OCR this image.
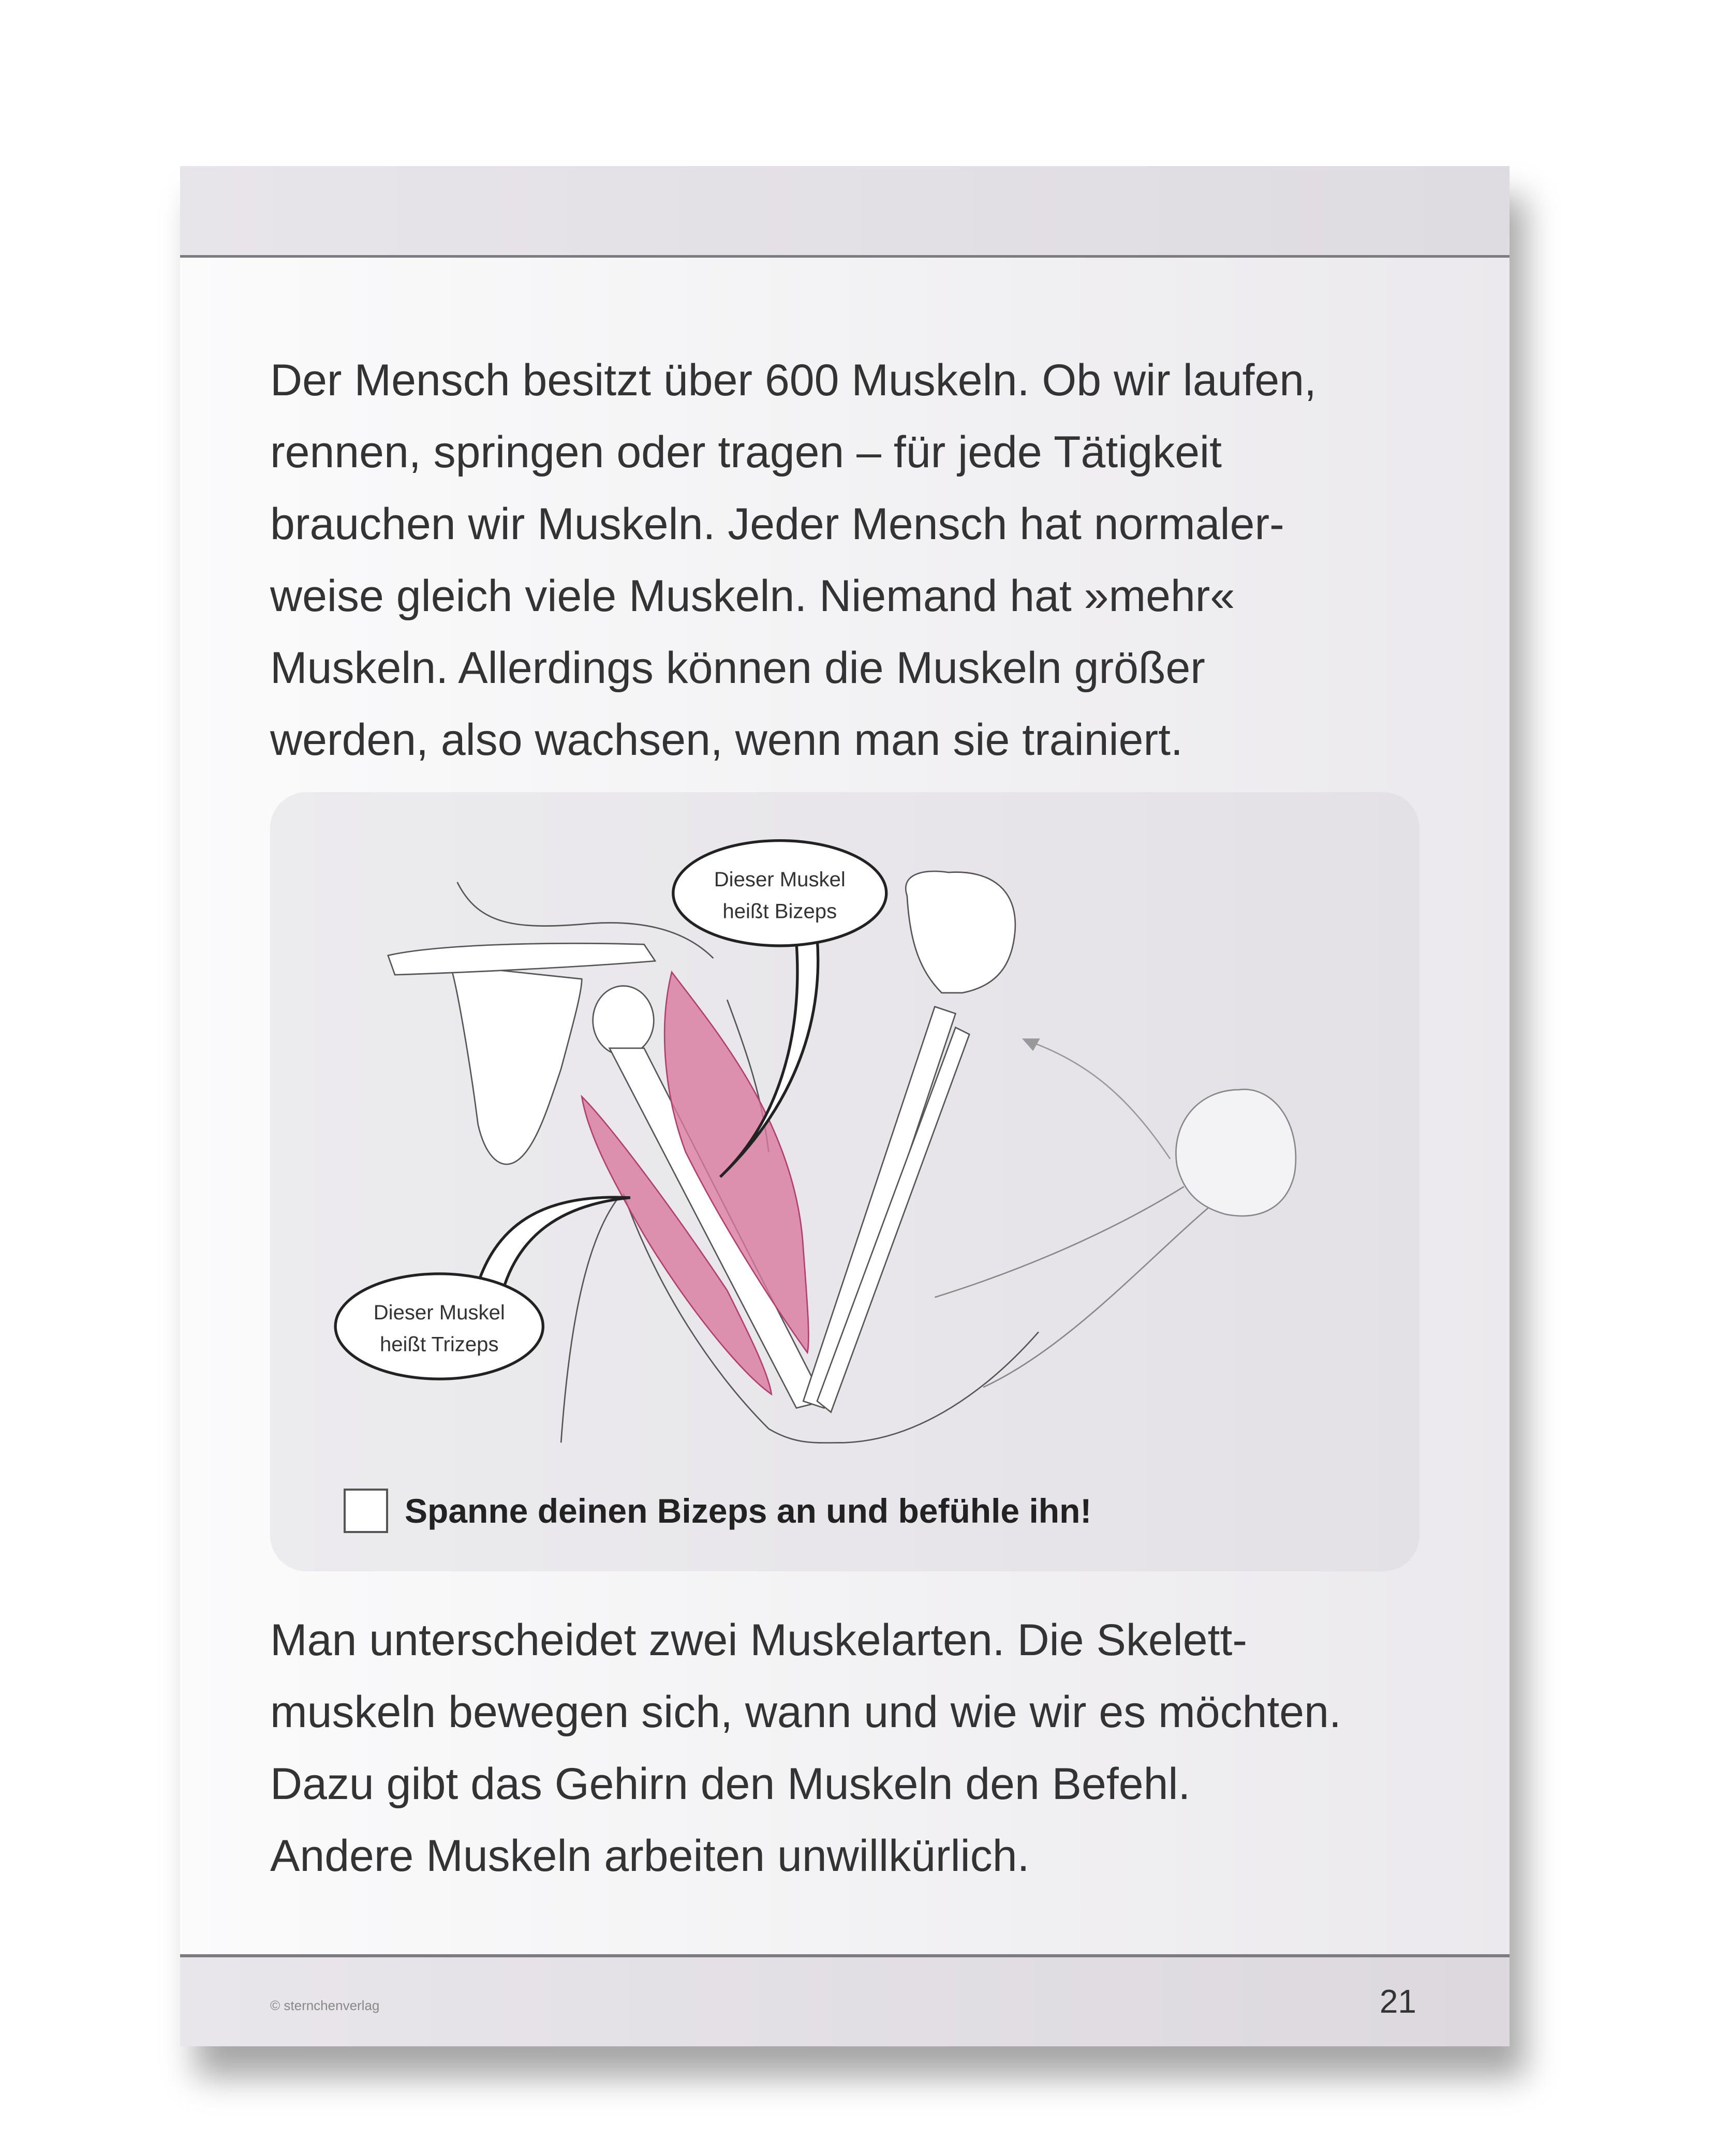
Der Mensch besitzt über 600 Muskeln. Ob wir laufen,
rennen, springen oder tragen – für jede Tätigkeit
brauchen wir Muskeln. Jeder Mensch hat normaler-
weise gleich viele Muskeln. Niemand hat »mehr«
Muskeln. Allerdings können die Muskeln größer
werden, also wachsen, wenn man sie trainiert.
Dieser Muskel
heißt Bizeps
Dieser Muskel
heißt Trizeps
Spanne deinen Bizeps an und befühle ihn!
Man unterscheidet zwei Muskelarten. Die Skelett-
muskeln bewegen sich, wann und wie wir es möchten.
Dazu gibt das Gehirn den Muskeln den Befehl.
Andere Muskeln arbeiten unwillkürlich.
© sternchenverlag	21
